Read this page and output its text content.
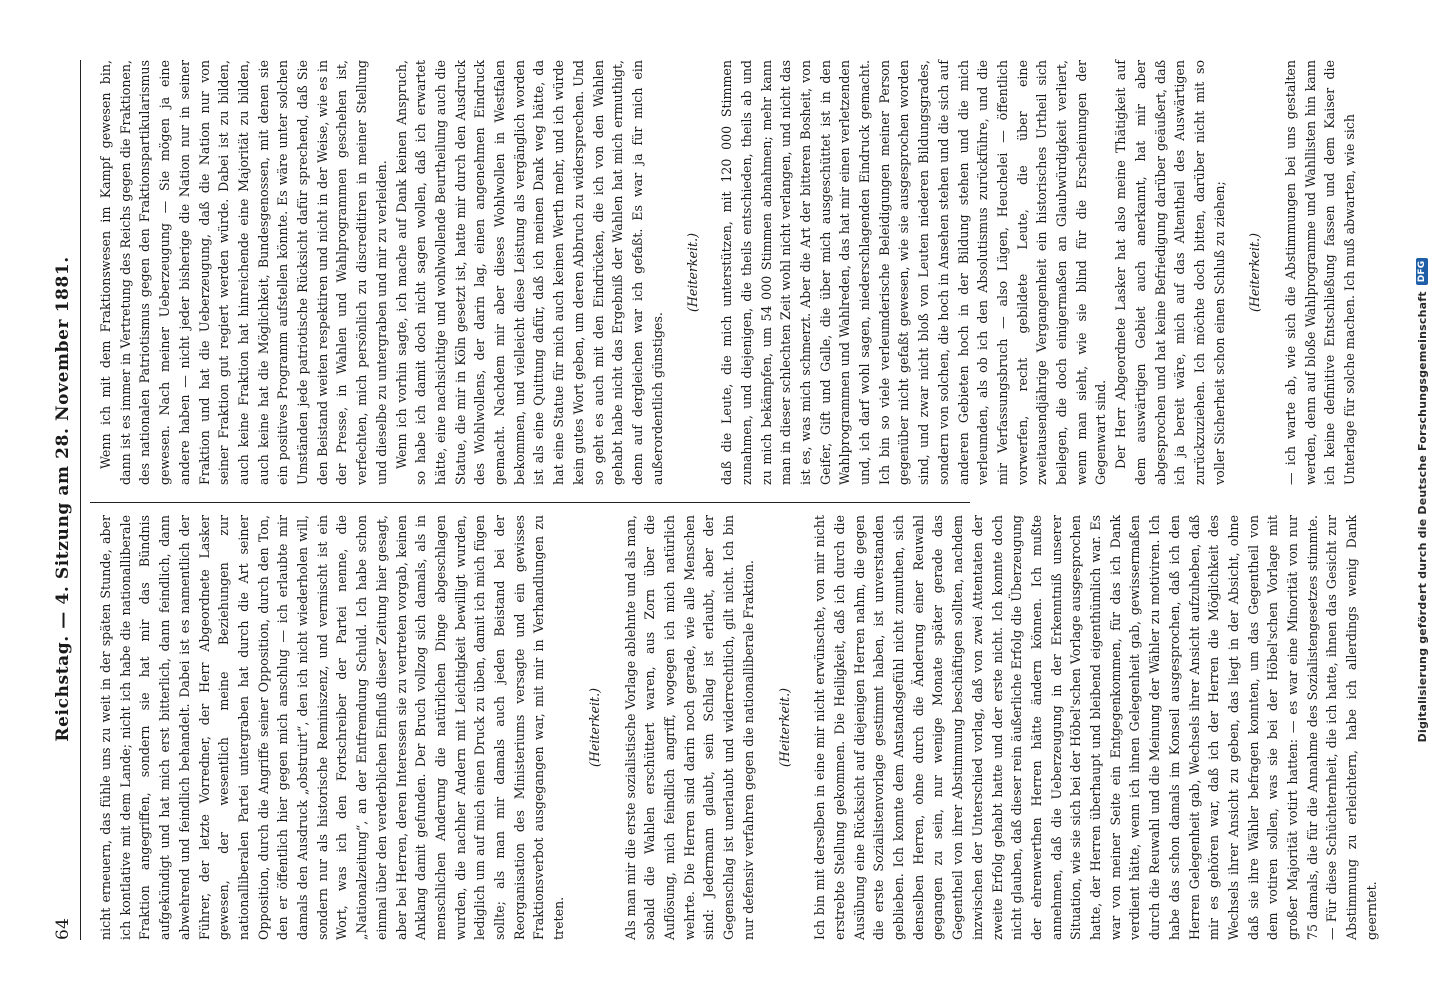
64
Reichstag. — 4. Sitzung am 28. November 1881. nicht erneuern, das fühle uns zu weit in der späten Stunde, aber ich kontlative mit dem Lande; nicht ich habe die nationalliberale Fraktion angegriffen, sondern sie hat mir das Bündnis aufgekündigt und hat mich erst bitterlich, dann feindlich, dann abwehrend und feindlich behandelt. Dabei ist es namentlich der Führer, der letzte Vorredner, der Herr Abgeordnete Lasker gewesen, der wesentlich meine Beziehungen zur nationalliberalen Partei untergraben hat durch die Art seiner Opposition, durch die Angriffe seiner Opposition, durch den Ton, den er öffentlich hier gegen mich anschlug — ich erlaubte mir damals den Ausdruck „obstruirt“, den ich nicht wiederholen will, sondern nur als historische Reminiszenz, und vermischt ist ein Wort, was ich den Fortschreiber der Partei nenne, die „Nationalzeitung“, an der Entfremdung Schuld. Ich habe schon einmal über den verderblichen Einfluß dieser Zeitung hier gesagt, aber bei Herren, deren Interessen sie zu vertreten vorgab, keinen Anklang damit gefunden. Der Bruch vollzog sich damals, als in menschlichen Anderung die natürlichen Dinge abgeschlagen wurden, die nachher Andern mit Leichtigkeit bewilligt wurden, lediglich um auf mich einen Druck zu üben, damit ich mich fügen sollte; als man mir damals auch jeden Beistand bei der Reorganisation des Ministeriums versagte und ein gewisses Fraktionsverbot ausgegangen war, mit mir in Verhandlungen zu treten.

(Heiterkeit.) Als man mir die erste sozialistische Vorlage ablehnte und als man, sobald die Wahlen erschüttert waren, aus Zorn über die Auflösung, mich feindlich angriff, wogegen ich mich natürlich wehrte. Die Herren sind darin noch gerade, wie alle Menschen sind: Jedermann glaubt, sein Schlag ist erlaubt, aber der Gegenschlag ist unerlaubt und widerrechtlich, gilt nicht. Ich bin nur defensiv verfahren gegen die nationalliberale Fraktion. (Heiterkeit.) Ich bin mit derselben in eine mir nicht erwünschte, von mir nicht erstrebte Stellung gekommen. Die Heiligkeit, daß ich durch die Ausübung eine Rücksicht auf diejenigen Herren nahm, die gegen die erste Sozialistenvorlage gestimmt haben, ist unverstanden geblieben. Ich konnte dem Anstandsgefühl nicht zumuthen, sich denselben Herren, ohne durch die Änderung einer Reuwahl gegangen zu sein, nur wenige Monate später gerade das Gegentheil von ihrer Abstimmung beschäftigen sollten, nachdem inzwischen der Unterschied vorlag, daß von zwei Attentaten der zweite Erfolg gehabt hatte und der erste nicht. Ich konnte doch nicht glauben, daß dieser rein äußerliche Erfolg die Überzeugung der ehrenwerthen Herren hätte ändern können. Ich mußte annehmen, daß die Ueberzeugung in der Erkenntniß unserer Situation, wie sie sich bei der Höbel'schen Vorlage ausgesprochen hatte, der Herren überhaupt und bleibend eigenthümlich war. Es war von meiner Seite ein Entgegenkommen, für das ich Dank verdient hätte, wenn ich ihnen Gelegenheit gab, gewissermaßen durch die Reuwahl und die Meinung der Wähler zu motiviren. Ich habe das schon damals im Konseil ausgesprochen, daß ich den Herren Gelegenheit gab, Wechsels ihrer Ansicht aufzuheben, daß mir es gehören war, daß ich der Herren die Möglichkeit des Wechsels ihrer Ansicht zu geben, das liegt in der Absicht, ohne daß sie ihre Wähler befragen konnten, um das Gegentheil von dem votiren sollen, was sie bei der Höbel'schen Vorlage mit großer Majorität votirt hatten: — es war eine Minorität von nur 75 damals, die für die Annahme des Sozialistengesetzes stimmte. — Für diese Schüchternheit, die ich hatte, ihnen das Gesicht zur Abstimmung zu erleichtern, habe ich allerdings wenig Dank geerntet.

Wenn ich mit dem Fraktionswesen im Kampf gewesen bin, dann ist es immer in Vertretung des Reichs gegen die Fraktionen, des nationalen Patriotismus gegen den Fraktionspartikularismus gewesen. Nach meiner Ueberzeugung — Sie mögen ja eine andere haben — nicht jeder bisherige die Nation nur in seiner Fraktion und hat die Ueberzeugung, daß die Nation nur von seiner Fraktion gut regiert werden würde. Dabei ist zu bilden, auch keine Fraktion hat hinreichende eine Majorität zu bilden, auch keine hat die Möglichkeit, Bundesgenossen, mit denen sie ein positives Programm aufstellen könnte. Es wäre unter solchen Umständen jede patriotische Rücksicht dafür sprechend, daß Sie den Beistand weiten respektiren und nicht in der Weise, wie es in der Presse, in Wahlen und Wahlprogrammen geschehen ist, verfechten, mich persönlich zu discreditiren in meiner Stellung und dieselbe zu untergraben und mir zu verleiden. Wenn ich vorhin sagte, ich mache auf Dank keinen Anspruch, so habe ich damit doch nicht sagen wollen, daß ich erwartet hätte, eine nachsichtige und wohlwollende Beurtheilung auch die Statue, die mir in Köln gesetzt ist, hatte mir durch den Ausdruck des Wohlwollens, der darin lag, einen angenehmen Eindruck gemacht. Nachdem mir aber dieses Wohlwollen in Westfalen bekommen, und vielleicht diese Leistung als vergänglich worden ist als eine Quittung dafür, daß ich meinen Dank weg hätte, da hat eine Statue für mich auch keinen Werth mehr, und ich würde kein gutes Wort geben, um deren Abbruch zu widersprechen. Und so geht es auch mit den Eindrücken, die ich von den Wahlen gehabt habe nicht das Ergebniß der Wahlen hat mich ermuthigt, denn auf dergleichen war ich gefaßt. Es war ja für mich ein außerordentlich günstiges.

(Heiterkeit.) daß die Leute, die mich unterstützen, mit 120 000 Stimmen zunahmen, und diejenigen, die theils entschieden, theils ab und zu mich bekämpfen, um 54 000 Stimmen abnahmen; mehr kann man in dieser schlechten Zeit wohl nicht verlangen, und nicht das ist es, was mich schmerzt. Aber die Art der bitteren Bosheit, von Geifer, Gift und Galle, die über mich ausgeschüttet ist in den Wahlprogrammen und Wahlreden, das hat mir einen verletzenden und, ich darf wohl sagen, niederschlagenden Eindruck gemacht. Ich bin so viele verleumderische Beleidigungen meiner Person gegenüber nicht gefaßt gewesen, wie sie ausgesprochen worden sind, und zwar nicht bloß von Leuten niederen Bildungsgrades, sondern von solchen, die hoch in Ansehen stehen und die sich auf anderen Gebieten hoch in der Bildung stehen und die mich verleumden, als ob ich den Absolutismus zurückführe, und die mir Verfassungsbruch — also Lügen, Heuchelei — öffentlich vorwerfen, recht gebildete Leute, die über eine zweitausendjährige Vergangenheit ein historisches Urtheil sich beilegen, die doch einigermaßen an Glaubwürdigkeit verliert, wenn man sieht, wie sie blind für die Erscheinungen der Gegenwart sind. Der Herr Abgeordnete Lasker hat also meine Thätigkeit auf dem auswärtigen Gebiet auch anerkannt, hat mir aber abgesprochen und hat keine Befriedigung darüber geäußert, daß ich ja bereit wäre, mich auf das Altentheil des Auswärtigen zurückzuziehen. Ich möchte doch bitten, darüber nicht mit so voller Sicherheit schon einen Schluß zu ziehen; (Heiterkeit.) — ich warte ab, wie sich die Abstimmungen bei uns gestalten werden, denn auf bloße Wahlprogramme und Wahllisten hin kann ich keine definitive Entschließung fassen und dem Kaiser die Unterlage für solche machen. Ich muß abwarten, wie sich	Digitalisierung gefördert durch die Deutsche Forschungsgemeinschaft
DFG
